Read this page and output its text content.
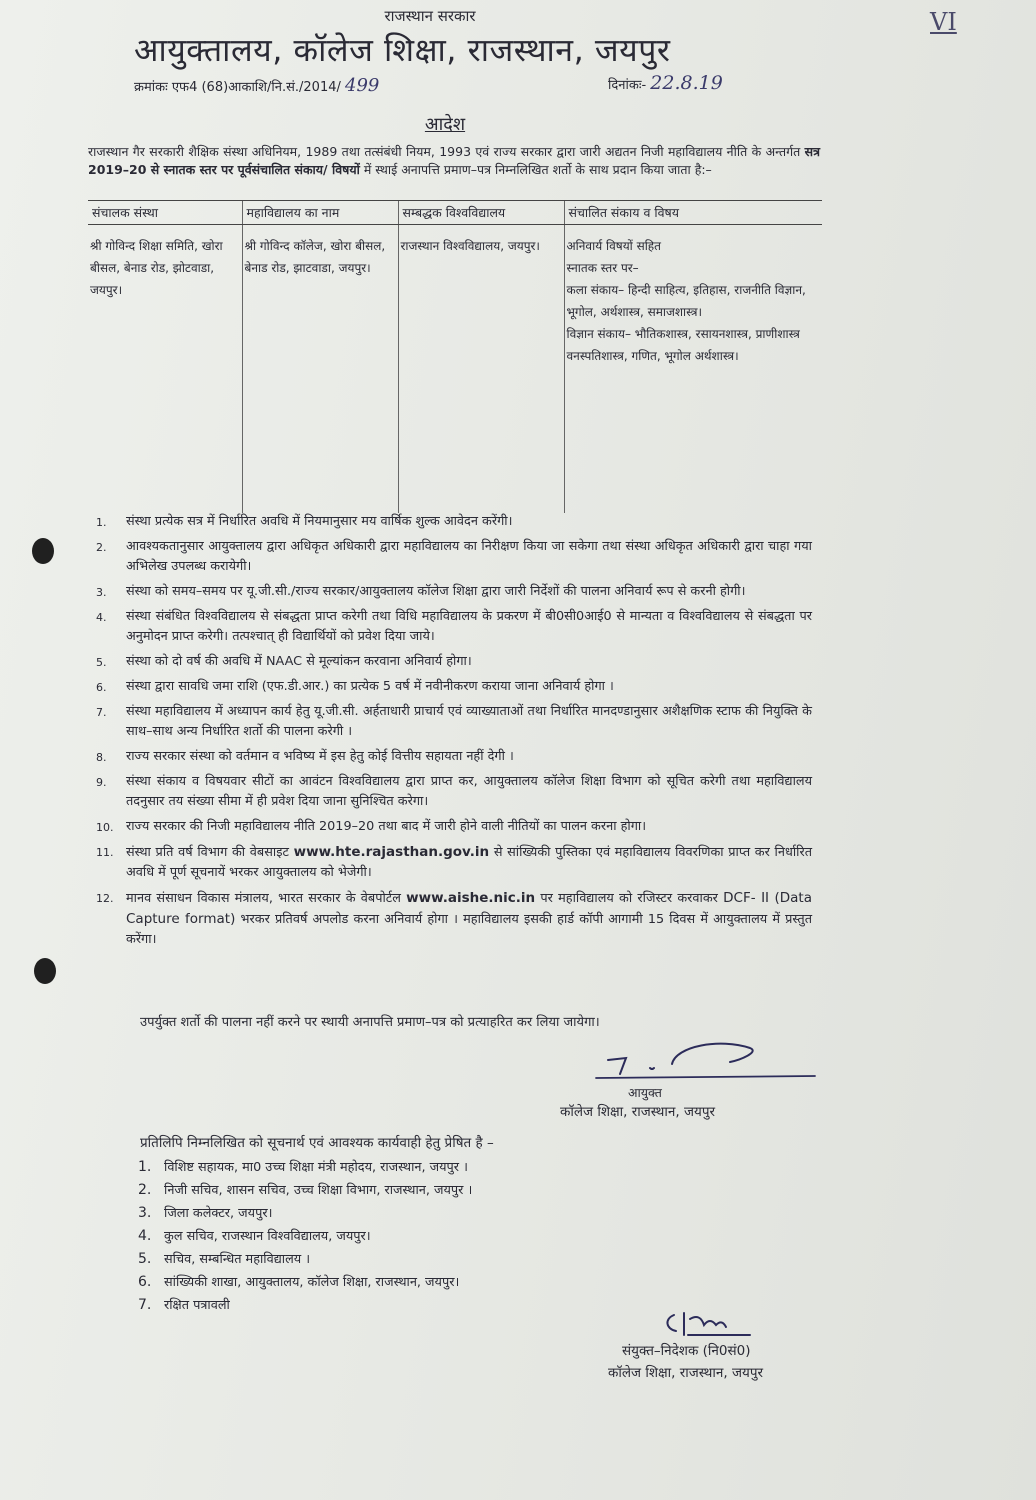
VI
राजस्थान सरकार
आयुक्तालय, कॉलेज शिक्षा, राजस्थान, जयपुर
क्रमांकः एफ4 (68)आकाशि/नि.सं./2014/ 499	दिनांकः- 22.8.19
आदेश
राजस्थान गैर सरकारी शैक्षिक संस्था अधिनियम, 1989 तथा तत्संबंधी नियम, 1993 एवं राज्य सरकार द्वारा जारी अद्यतन निजी महाविद्यालय नीति के अन्तर्गत सत्र 2019–20 से स्नातक स्तर पर पूर्वसंचालित संकाय/ विषयों में स्थाई अनापत्ति प्रमाण–पत्र निम्नलिखित शर्तो के साथ प्रदान किया जाता है:–
संचालक संस्था	महाविद्यालय का नाम	सम्बद्धक विश्वविद्यालय	संचालित संकाय व विषय
श्री गोविन्द शिक्षा समिति, खोरा बीसल, बेनाड रोड, झोटवाडा, जयपुर।	श्री गोविन्द कॉलेज, खोरा बीसल, बेनाड रोड, झाटवाडा, जयपुर।	राजस्थान विश्वविद्यालय, जयपुर।	अनिवार्य विषयों सहित
स्नातक स्तर पर–
कला संकाय– हिन्दी साहित्य, इतिहास, राजनीति विज्ञान, भूगोल, अर्थशास्त्र, समाजशास्त्र।
विज्ञान संकाय– भौतिकशास्त्र, रसायनशास्त्र, प्राणीशास्त्र वनस्पतिशास्त्र, गणित, भूगोल अर्थशास्त्र।
1. संस्था प्रत्येक सत्र में निर्धारित अवधि में नियमानुसार मय वार्षिक शुल्क आवेदन करेंगी।
2. आवश्यकतानुसार आयुक्तालय द्वारा अधिकृत अधिकारी द्वारा महाविद्यालय का निरीक्षण किया जा सकेगा तथा संस्था अधिकृत अधिकारी द्वारा चाहा गया अभिलेख उपलब्ध करायेगी।
3. संस्था को समय–समय पर यू.जी.सी./राज्य सरकार/आयुक्तालय कॉलेज शिक्षा द्वारा जारी निर्देशों की पालना अनिवार्य रूप से करनी होगी।
4. संस्था संबंधित विश्वविद्यालय से संबद्धता प्राप्त करेगी तथा विधि महाविद्यालय के प्रकरण में बी0सी0आई0 से मान्यता व विश्वविद्यालय से संबद्धता पर अनुमोदन प्राप्त करेगी। तत्पश्चात् ही विद्यार्थियों को प्रवेश दिया जाये।
5. संस्था को दो वर्ष की अवधि में NAAC से मूल्यांकन करवाना अनिवार्य होगा।
6. संस्था द्वारा सावधि जमा राशि (एफ.डी.आर.) का प्रत्येक 5 वर्ष में नवीनीकरण कराया जाना अनिवार्य होगा ।
7. संस्था महाविद्यालय में अध्यापन कार्य हेतु यू.जी.सी. अर्हताधारी प्राचार्य एवं व्याख्याताओं तथा निर्धारित मानदण्डानुसार अशैक्षणिक स्टाफ की नियुक्ति के साथ–साथ अन्य निर्धारित शर्तो की पालना करेगी ।
8. राज्य सरकार संस्था को वर्तमान व भविष्य में इस हेतु कोई वित्तीय सहायता नहीं देगी ।
9. संस्था संकाय व विषयवार सीटों का आवंटन विश्वविद्यालय द्वारा प्राप्त कर, आयुक्तालय कॉलेज शिक्षा विभाग को सूचित करेगी तथा महाविद्यालय तदनुसार तय संख्या सीमा में ही प्रवेश दिया जाना सुनिश्चित करेगा।
10. राज्य सरकार की निजी महाविद्यालय नीति 2019–20 तथा बाद में जारी होने वाली नीतियों का पालन करना होगा।
11. संस्था प्रति वर्ष विभाग की वेबसाइट www.hte.rajasthan.gov.in से सांख्यिकी पुस्तिका एवं महाविद्यालय विवरणिका प्राप्त कर निर्धारित अवधि में पूर्ण सूचनायें भरकर आयुक्तालय को भेजेगी।
12. मानव संसाधन विकास मंत्रालय, भारत सरकार के वेबपोर्टल www.aishe.nic.in पर महाविद्यालय को रजिस्टर करवाकर DCF- II (Data Capture format) भरकर प्रतिवर्ष अपलोड करना अनिवार्य होगा । महाविद्यालय इसकी हार्ड कॉपी आगामी 15 दिवस में आयुक्तालय में प्रस्तुत करेंगा।
उपर्युक्त शर्तो की पालना नहीं करने पर स्थायी अनापत्ति प्रमाण–पत्र को प्रत्याहरित कर लिया जायेगा।
आयुक्त
कॉलेज शिक्षा, राजस्थान, जयपुर
प्रतिलिपि निम्नलिखित को सूचनार्थ एवं आवश्यक कार्यवाही हेतु प्रेषित है –
1. विशिष्ट सहायक, मा0 उच्च शिक्षा मंत्री महोदय, राजस्थान, जयपुर ।
2. निजी सचिव, शासन सचिव, उच्च शिक्षा विभाग, राजस्थान, जयपुर ।
3. जिला कलेक्टर, जयपुर।
4. कुल सचिव, राजस्थान विश्वविद्यालय, जयपुर।
5. सचिव, सम्बन्धित महाविद्यालय ।
6. सांख्यिकी शाखा, आयुक्तालय, कॉलेज शिक्षा, राजस्थान, जयपुर।
7. रक्षित पत्रावली
संयुक्त–निदेशक (नि0सं0)
कॉलेज शिक्षा, राजस्थान, जयपुर
